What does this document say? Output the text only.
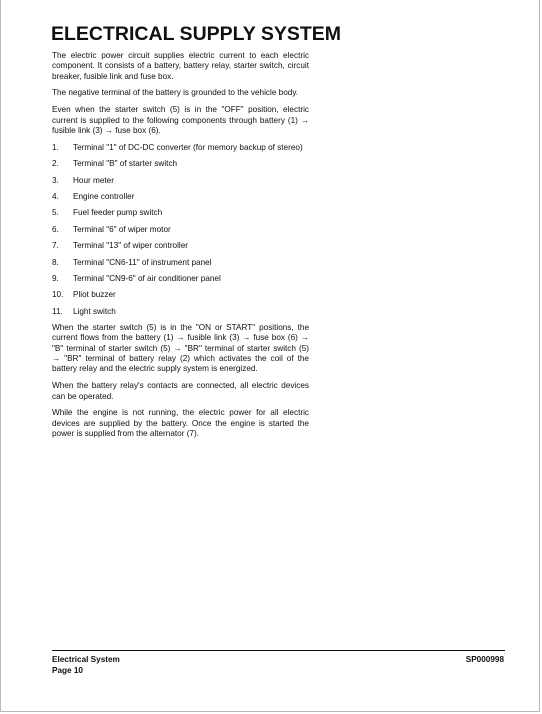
ELECTRICAL SUPPLY SYSTEM

The electric power circuit supplies electric current to each electric component. It consists of a battery, battery relay, starter switch, circuit breaker, fusible link and fuse box.

The negative terminal of the battery is grounded to the vehicle body.

Even when the starter switch (5) is in the "OFF" position, electric current is supplied to the following components through battery (1) → fusible link (3) → fuse box (6).

1.	Terminal "1" of DC-DC converter (for memory backup of stereo)
2.	Terminal "B" of starter switch
3.	Hour meter
4.	Engine controller
5.	Fuel feeder pump switch
6.	Terminal "6" of wiper motor
7.	Terminal "13" of wiper controller
8.	Terminal "CN6-11" of instrument panel
9.	Terminal "CN9-6" of air conditioner panel
10.	Pliot buzzer
11.	Light switch

When the starter switch (5) is in the "ON or START" positions, the current flows from the battery (1) → fusible link (3) → fuse box (6) → "B" terminal of starter switch (5) → "BR" terminal of starter switch (5) → "BR" terminal of battery relay (2) which activates the coil of the battery relay and the electric supply system is energized.

When the battery relay's contacts are connected, all electric devices can be operated.

While the engine is not running, the electric power for all electric devices are supplied by the battery. Once the engine is started the power is supplied from the alternator (7).

Electrical System
Page 10
SP000998
